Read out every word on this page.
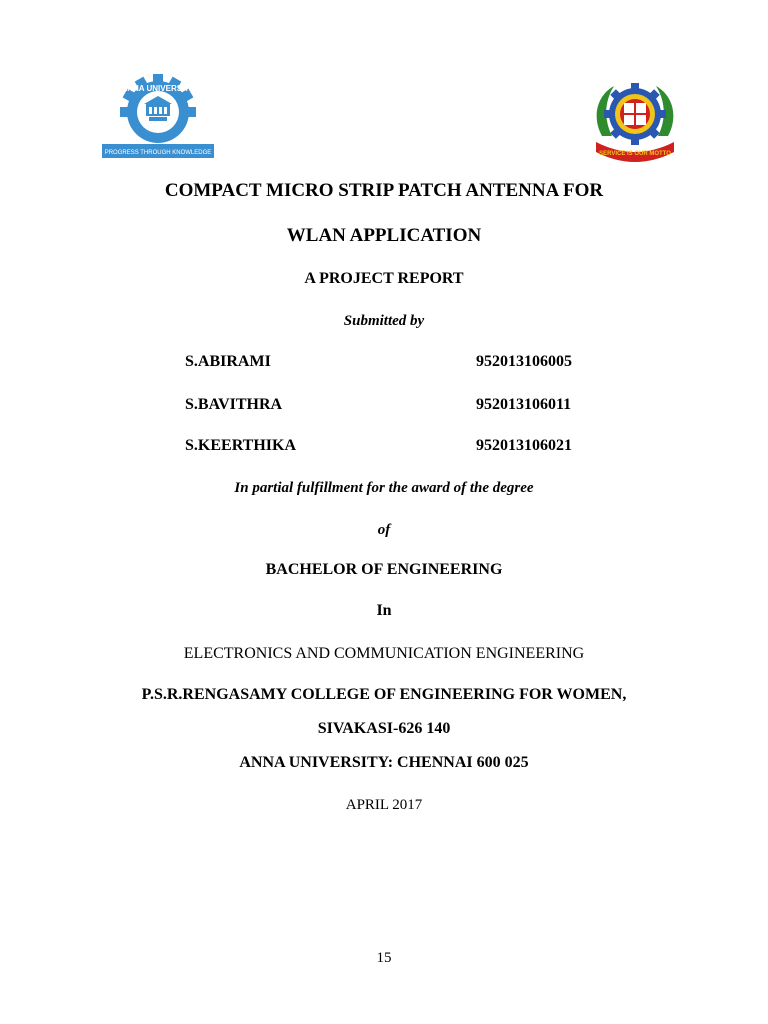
ANNA UNIVERSITY
PROGRESS THROUGH KNOWLEDGE	SERVICE IS OUR MOTTO
COMPACT MICRO STRIP PATCH ANTENNA FOR
WLAN APPLICATION
A PROJECT REPORT
Submitted by
S.ABIRAMI	952013106005
S.BAVITHRA	952013106011
S.KEERTHIKA	952013106021
In partial fulfillment for the award of the degree
of
BACHELOR OF ENGINEERING
In
ELECTRONICS AND COMMUNICATION ENGINEERING
P.S.R.RENGASAMY COLLEGE OF ENGINEERING FOR WOMEN,
SIVAKASI-626 140
ANNA UNIVERSITY: CHENNAI 600 025
APRIL 2017
15
